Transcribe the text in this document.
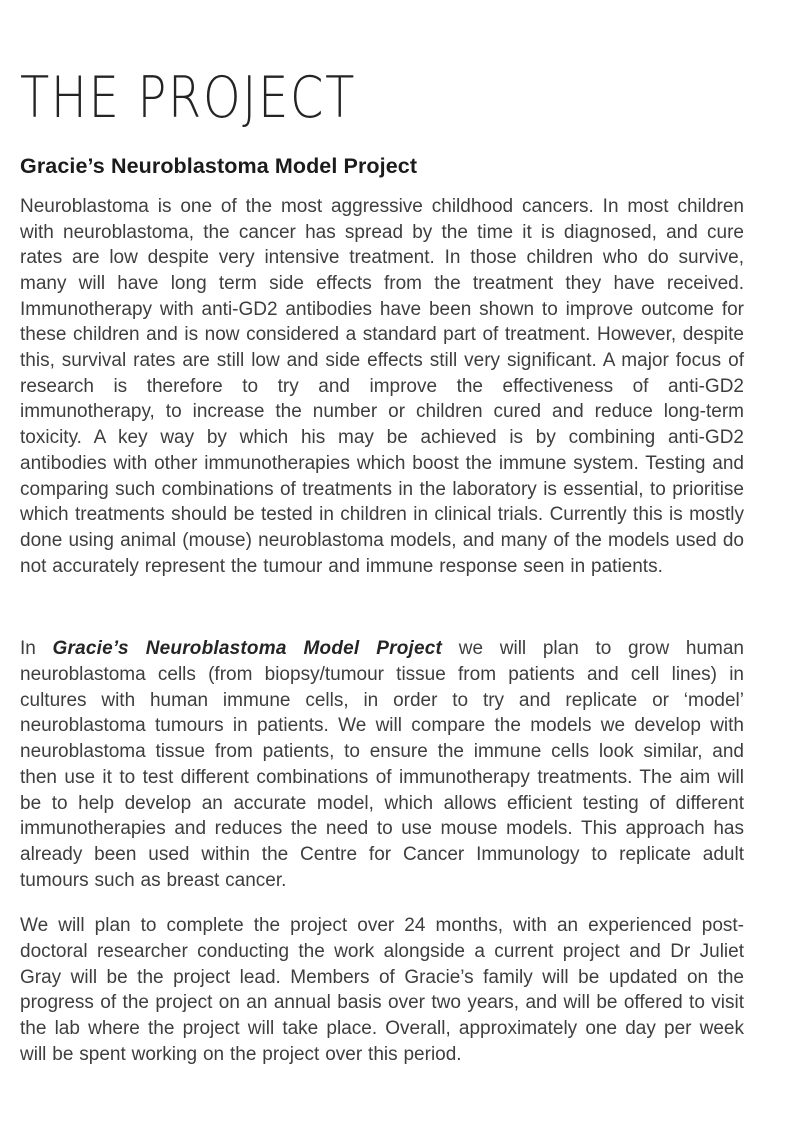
THE PROJECT
Gracie’s Neuroblastoma Model Project

Neuroblastoma is one of the most aggressive childhood cancers. In most children with neuroblastoma, the cancer has spread by the time it is diagnosed, and cure rates are low despite very intensive treatment. In those children who do survive, many will have long term side effects from the treatment they have received. Immunotherapy with anti-GD2 antibodies have been shown to improve outcome for these children and is now considered a standard part of treatment. However, despite this, survival rates are still low and side effects still very significant. A major focus of research is therefore to try and improve the effectiveness of anti-GD2 immunotherapy, to increase the number or children cured and reduce long-term toxicity. A key way by which his may be achieved is by combining anti-GD2 antibodies with other immunotherapies which boost the immune system. Testing and comparing such combinations of treatments in the laboratory is essential, to prioritise which treatments should be tested in children in clinical trials. Currently this is mostly done using animal (mouse) neuroblastoma models, and many of the models used do not accurately represent the tumour and immune response seen in patients.

In Gracie’s Neuroblastoma Model Project we will plan to grow human neuroblastoma cells (from biopsy/tumour tissue from patients and cell lines) in cultures with human immune cells, in order to try and replicate or ‘model’ neuroblastoma tumours in patients. We will compare the models we develop with neuroblastoma tissue from patients, to ensure the immune cells look similar, and then use it to test different combinations of immunotherapy treatments. The aim will be to help develop an accurate model, which allows efficient testing of different immunotherapies and reduces the need to use mouse models. This approach has already been used within the Centre for Cancer Immunology to replicate adult tumours such as breast cancer.

We will plan to complete the project over 24 months, with an experienced post-doctoral researcher conducting the work alongside a current project and Dr Juliet Gray will be the project lead. Members of Gracie’s family will be updated on the progress of the project on an annual basis over two years, and will be offered to visit the lab where the project will take place. Overall, approximately one day per week will be spent working on the project over this period.
